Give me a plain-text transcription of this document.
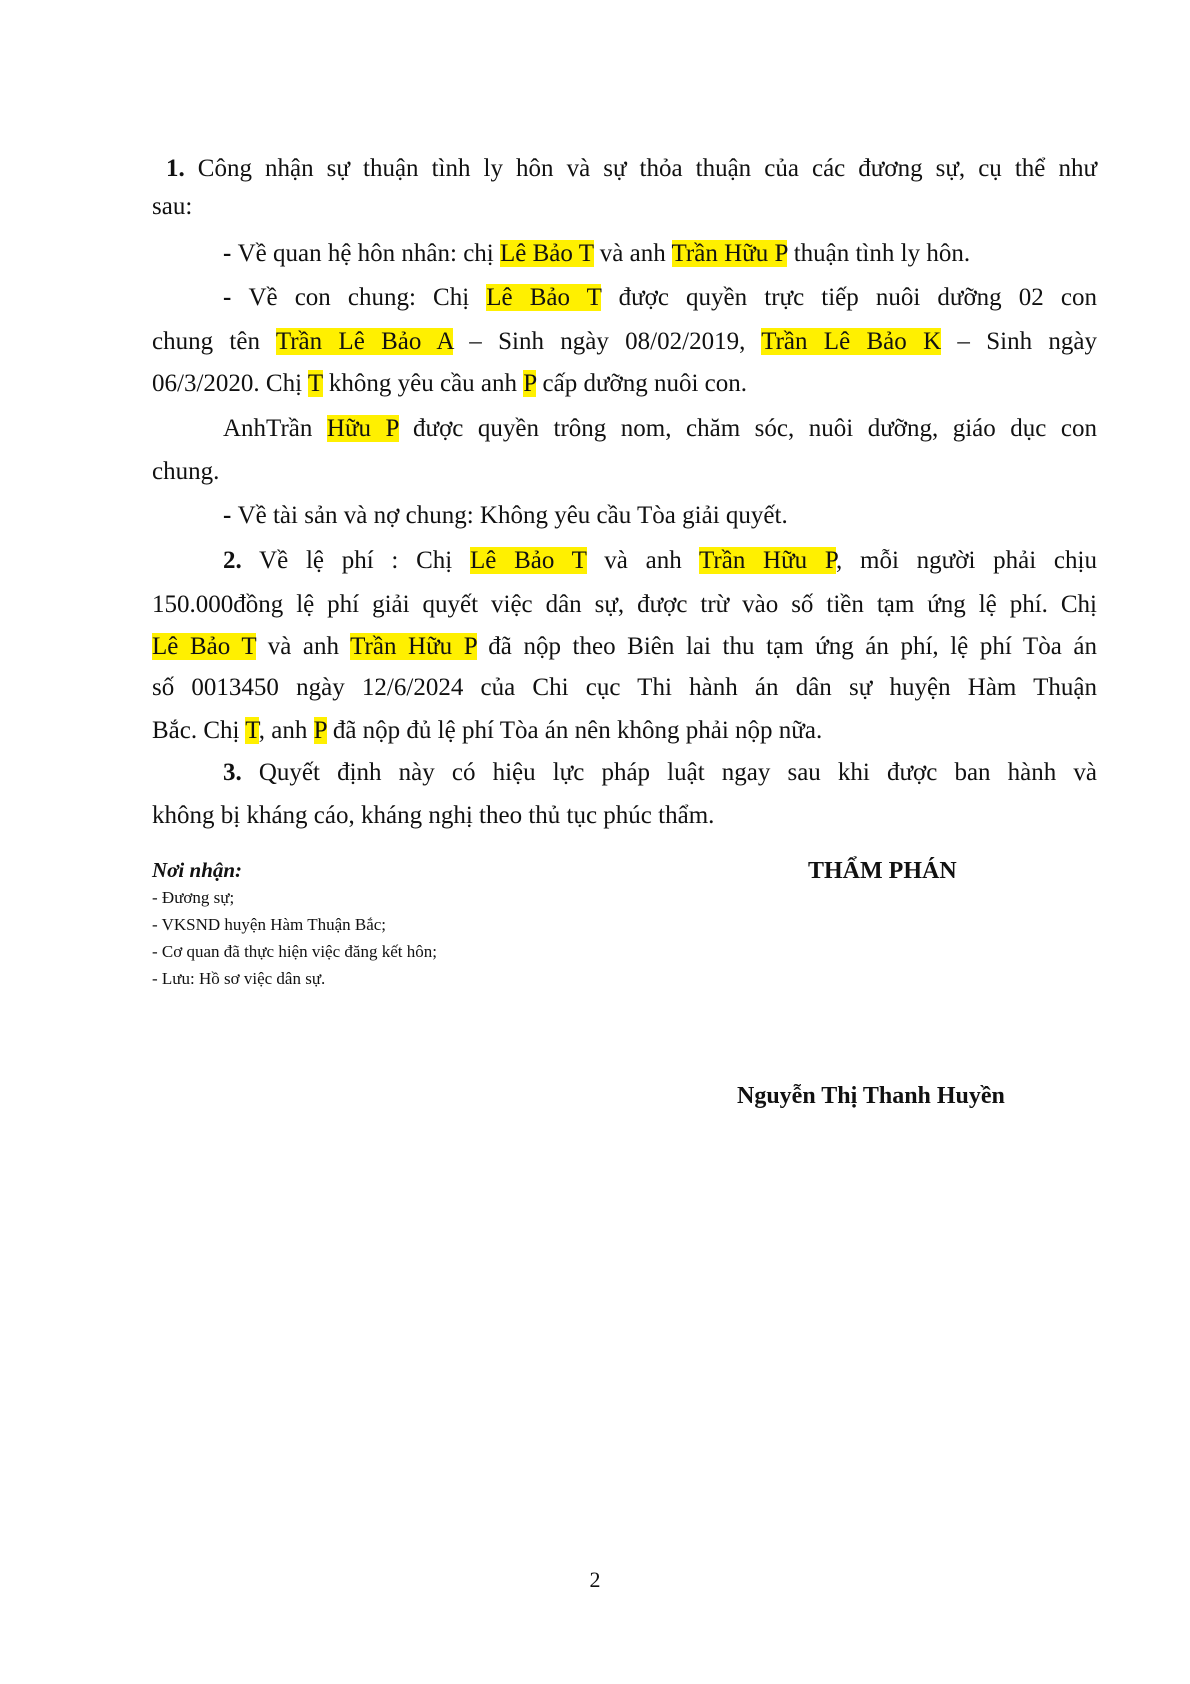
1. Công nhận sự thuận tình ly hôn và sự thỏa thuận của các đương sự, cụ thể như
sau:
- Về quan hệ hôn nhân: chị Lê Bảo T và anh Trần Hữu P thuận tình ly hôn.
- Về con chung: Chị Lê Bảo T được quyền trực tiếp nuôi dưỡng 02 con
chung tên Trần Lê Bảo A – Sinh ngày 08/02/2019, Trần Lê Bảo K – Sinh ngày
06/3/2020. Chị T không yêu cầu anh P cấp dưỡng nuôi con.
AnhTrần Hữu P được quyền trông nom, chăm sóc, nuôi dưỡng, giáo dục con
chung.
- Về tài sản và nợ chung: Không yêu cầu Tòa giải quyết.
2. Về lệ phí : Chị Lê Bảo T và anh Trần Hữu P, mỗi người phải chịu
150.000đồng lệ phí giải quyết việc dân sự, được trừ vào số tiền tạm ứng lệ phí. Chị
Lê Bảo T và anh Trần Hữu P đã nộp theo Biên lai thu tạm ứng án phí, lệ phí Tòa án
số 0013450 ngày 12/6/2024 của Chi cục Thi hành án dân sự huyện Hàm Thuận
Bắc. Chị T, anh P đã nộp đủ lệ phí Tòa án nên không phải nộp nữa.
3. Quyết định này có hiệu lực pháp luật ngay sau khi được ban hành và
không bị kháng cáo, kháng nghị theo thủ tục phúc thẩm.
Nơi nhận:
- Đương sự;
- VKSND huyện Hàm Thuận Bắc;
- Cơ quan đã thực hiện việc đăng kết hôn;
- Lưu: Hồ sơ việc dân sự.
THẨM PHÁN
Nguyễn Thị Thanh Huyền
2
